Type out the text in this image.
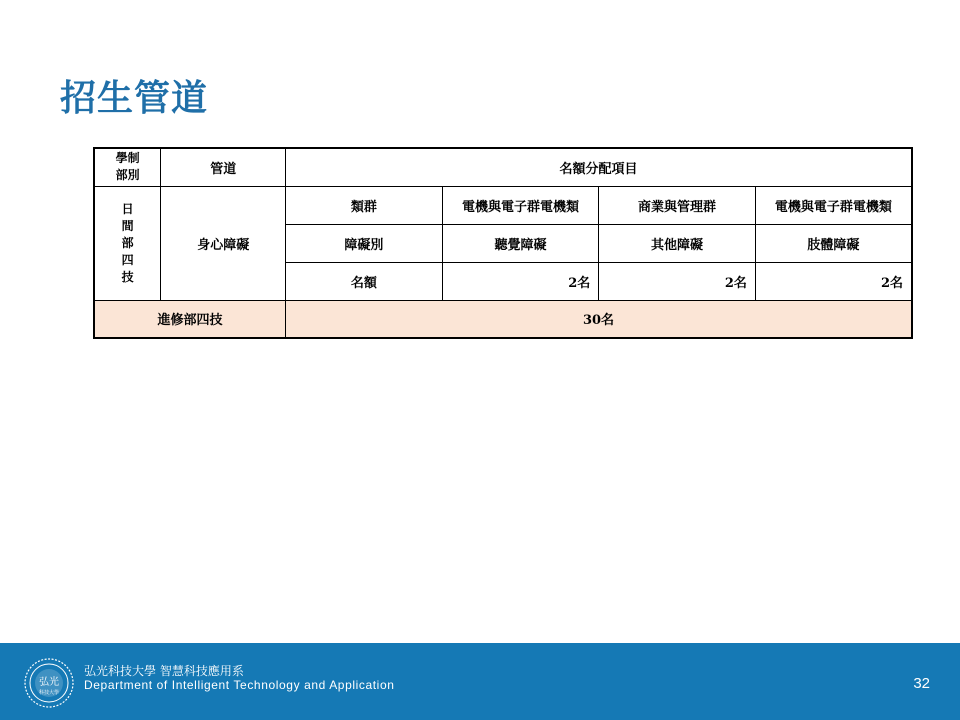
招生管道
學制
部別	管道	名額分配項目			
日
間
部
四
技	身心障礙	類群	電機與電子群電機類	商業與管理群	電機與電子群電機類
		障礙別	聽覺障礙	其他障礙	肢體障礙
		名額	2名	2名	2名
進修部四技		30名			
弘光
科技大學
弘光科技大學 智慧科技應用系
Department of Intelligent Technology and Application	32
